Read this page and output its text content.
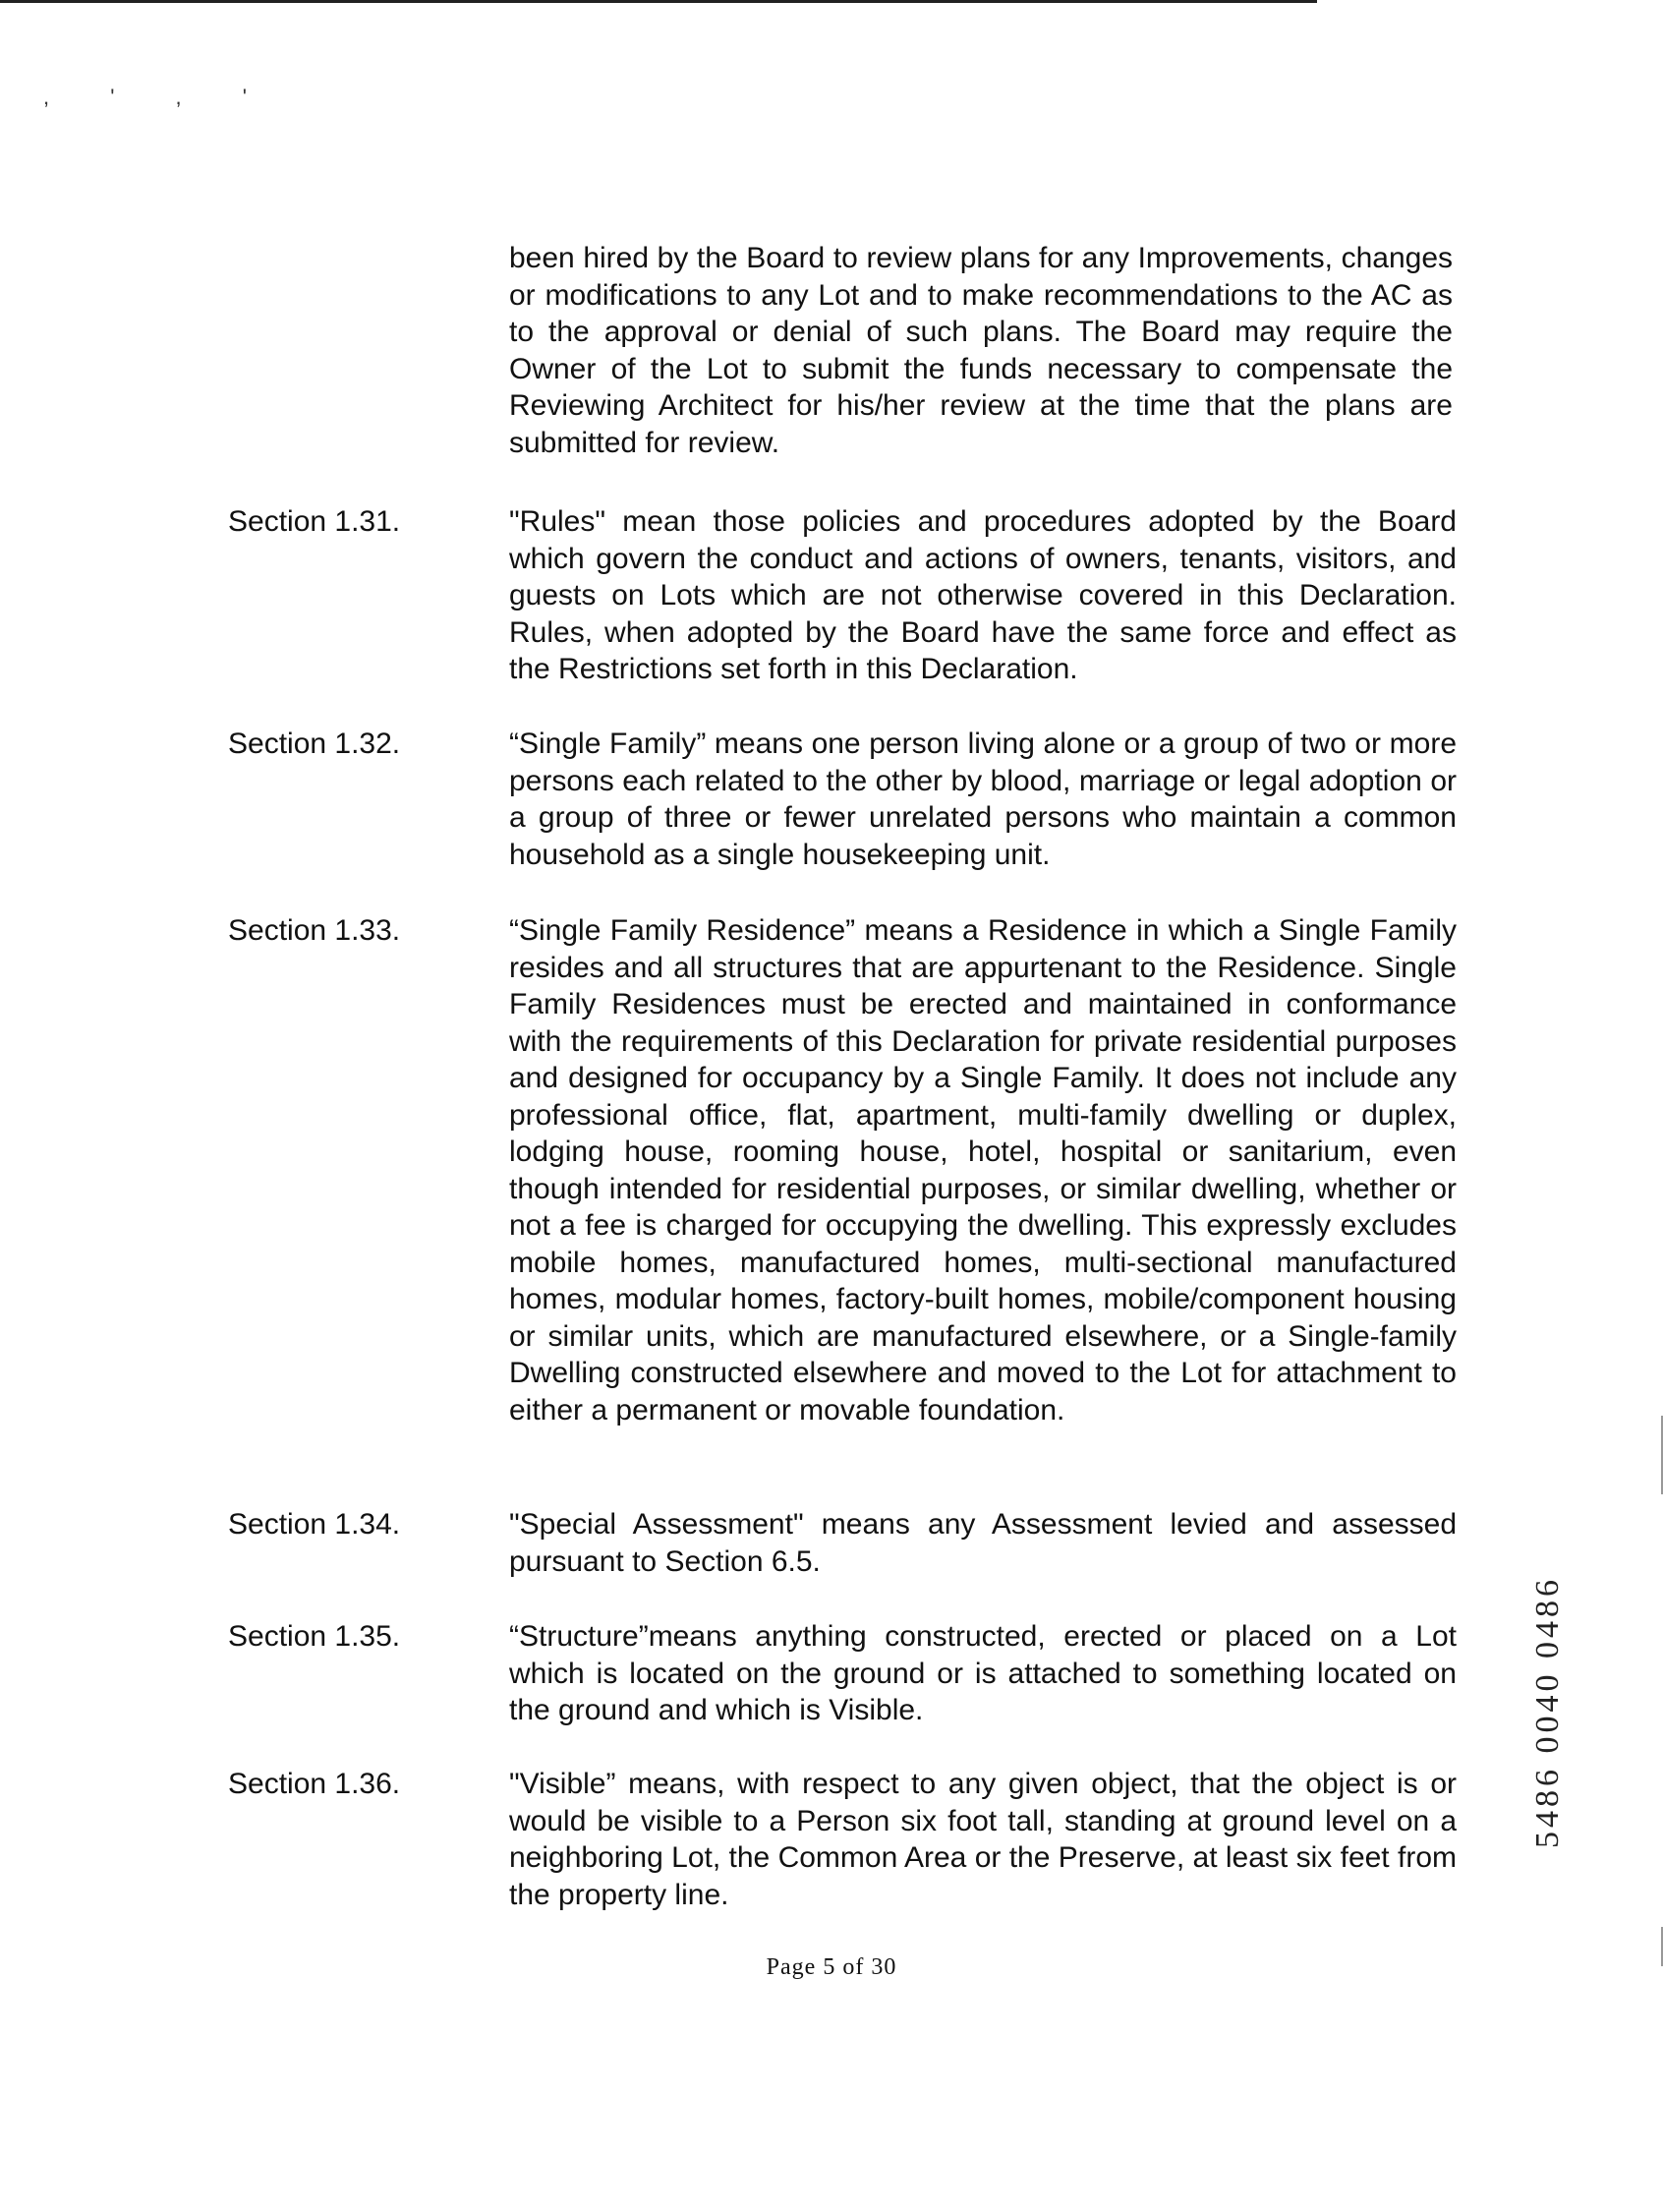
, ' , '
been hired by the Board to review plans for any Improvements, changes or modifications to any Lot and to make recommendations to the AC as to the approval or denial of such plans. The Board may require the Owner of the Lot to submit the funds necessary to compensate the Reviewing Architect for his/her review at the time that the plans are submitted for review.
Section 1.31.	"Rules" mean those policies and procedures adopted by the Board which govern the conduct and actions of owners, tenants, visitors, and guests on Lots which are not otherwise covered in this Declaration. Rules, when adopted by the Board have the same force and effect as the Restrictions set forth in this Declaration.
Section 1.32.	“Single Family” means one person living alone or a group of two or more persons each related to the other by blood, marriage or legal adoption or a group of three or fewer unrelated persons who maintain a common household as a single housekeeping unit.
Section 1.33.	“Single Family Residence” means a Residence in which a Single Family resides and all structures that are appurtenant to the Residence. Single Family Residences must be erected and maintained in conformance with the requirements of this Declaration for private residential purposes and designed for occupancy by a Single Family. It does not include any professional office, flat, apartment, multi-family dwelling or duplex, lodging house, rooming house, hotel, hospital or sanitarium, even though intended for residential purposes, or similar dwelling, whether or not a fee is charged for occupying the dwelling. This expressly excludes mobile homes, manufactured homes, multi-sectional manufactured homes, modular homes, factory-built homes, mobile/component housing or similar units, which are manufactured elsewhere, or a Single-family Dwelling constructed elsewhere and moved to the Lot for attachment to either a permanent or movable foundation.
Section 1.34.	"Special Assessment" means any Assessment levied and assessed pursuant to Section 6.5.
Section 1.35.	“Structure”means anything constructed, erected or placed on a Lot which is located on the ground or is attached to something located on the ground and which is Visible.
Section 1.36.	"Visible” means, with respect to any given object, that the object is or would be visible to a Person six foot tall, standing at ground level on a neighboring Lot, the Common Area or the Preserve, at least six feet from the property line.
Page 5 of 30
5486 0040 0486
